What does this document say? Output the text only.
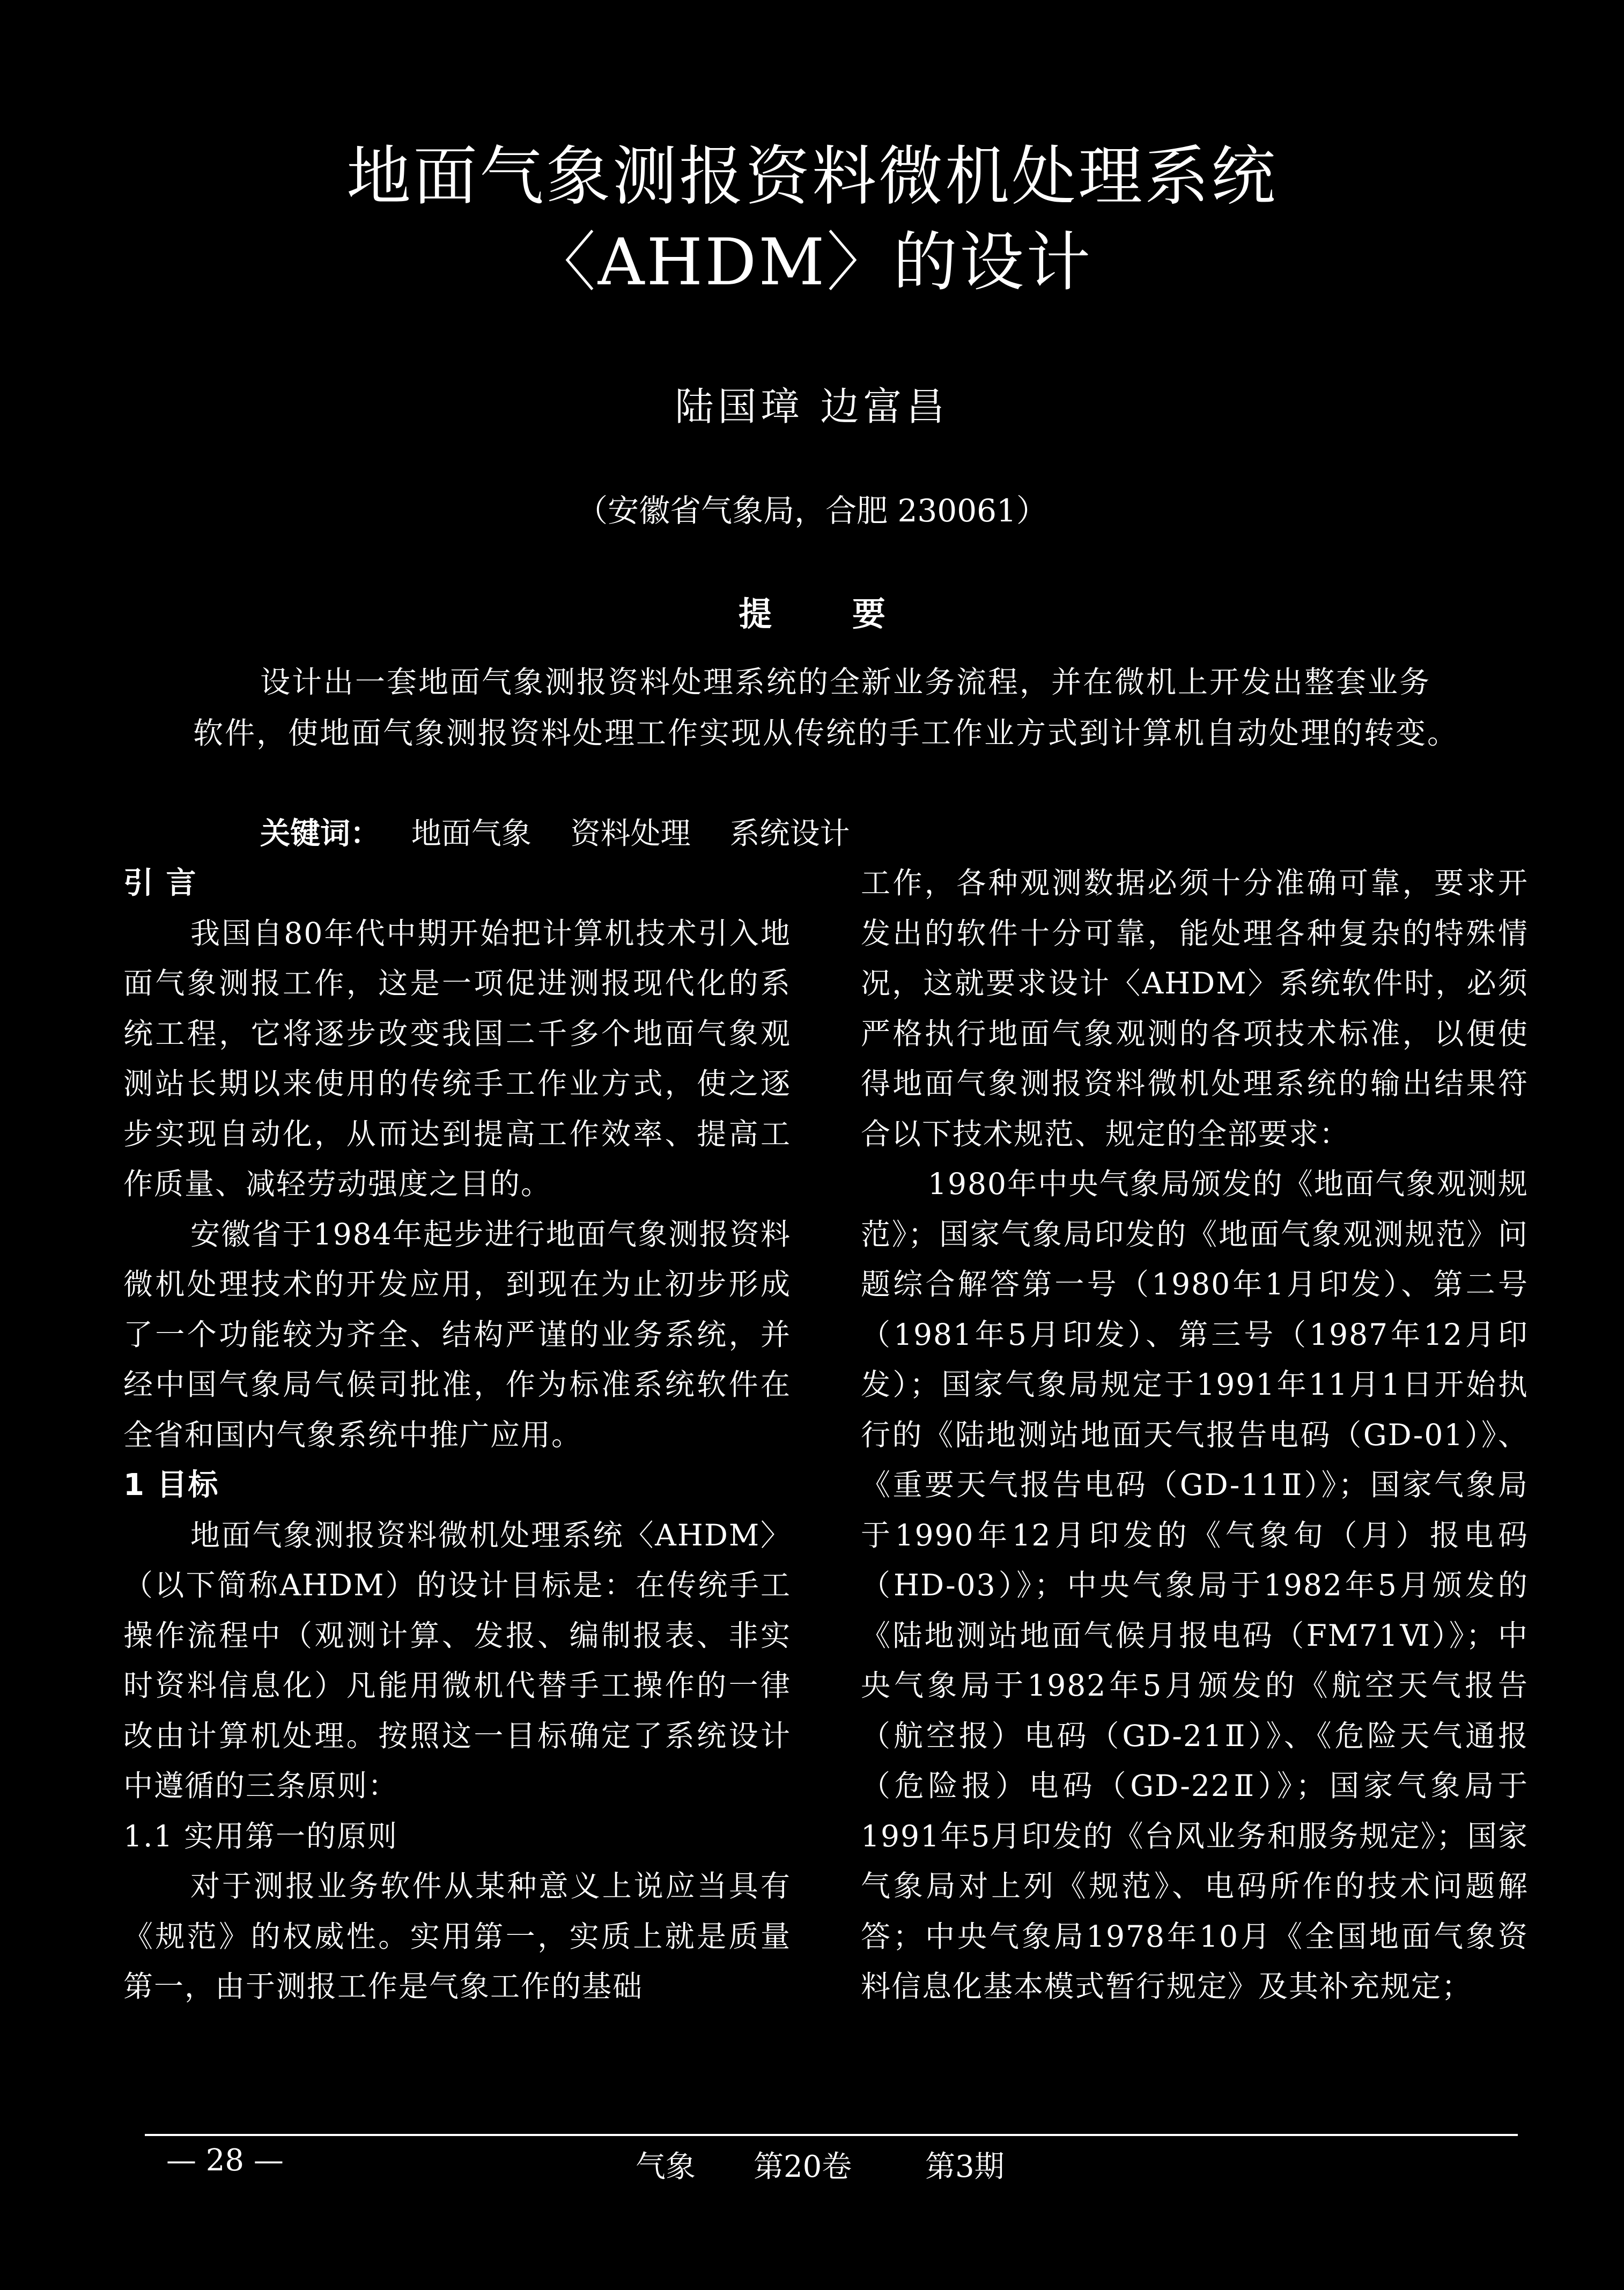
地面气象测报资料微机处理系统
〈AHDM〉的设计
陆国璋 边富昌
（安徽省气象局，合肥 230061）
提要

设计出一套地面气象测报资料处理系统的全新业务流程，并在微机上开发出整套业务软件，使地面气象测报资料处理工作实现从传统的手工作业方式到计算机自动处理的转变。

关键词： 地面气象 资料处理 系统设计
引 言

我国自80年代中期开始把计算机技术引入地面气象测报工作，这是一项促进测报现代化的系统工程，它将逐步改变我国二千多个地面气象观测站长期以来使用的传统手工作业方式，使之逐步实现自动化，从而达到提高工作效率、提高工作质量、减轻劳动强度之目的。

安徽省于1984年起步进行地面气象测报资料微机处理技术的开发应用，到现在为止初步形成了一个功能较为齐全、结构严谨的业务系统，并经中国气象局气候司批准，作为标准系统软件在全省和国内气象系统中推广应用。

1 目标

地面气象测报资料微机处理系统〈AHDM〉（以下简称AHDM）的设计目标是：在传统手工操作流程中（观测计算、发报、编制报表、非实时资料信息化）凡能用微机代替手工操作的一律改由计算机处理。按照这一目标确定了系统设计中遵循的三条原则：

1.1 实用第一的原则

对于测报业务软件从某种意义上说应当具有《规范》的权威性。实用第一，实质上就是质量第一，由于测报工作是气象工作的基础

工作，各种观测数据必须十分准确可靠，要求开发出的软件十分可靠，能处理各种复杂的特殊情况，这就要求设计〈AHDM〉系统软件时，必须严格执行地面气象观测的各项技术标准，以便使得地面气象测报资料微机处理系统的输出结果符合以下技术规范、规定的全部要求：

1980年中央气象局颁发的《地面气象观测规范》；国家气象局印发的《地面气象观测规范》问题综合解答第一号（1980年1月印发）、第二号（1981年5月印发）、第三号（1987年12月印发）；国家气象局规定于1991年11月1日开始执行的《陆地测站地面天气报告电码（GD-01）》、《重要天气报告电码（GD-11Ⅱ）》；国家气象局于1990年12月印发的《气象旬（月）报电码（HD-03）》；中央气象局于1982年5月颁发的《陆地测站地面气候月报电码（FM71Ⅵ）》；中央气象局于1982年5月颁发的《航空天气报告（航空报）电码（GD-21Ⅱ）》、《危险天气通报（危险报）电码（GD-22Ⅱ）》；国家气象局于1991年5月印发的《台风业务和服务规定》；国家气象局对上列《规范》、电码所作的技术问题解答；中央气象局1978年10月《全国地面气象资料信息化基本模式暂行规定》及其补充规定；

— 28 —	气象 第20卷 第3期
